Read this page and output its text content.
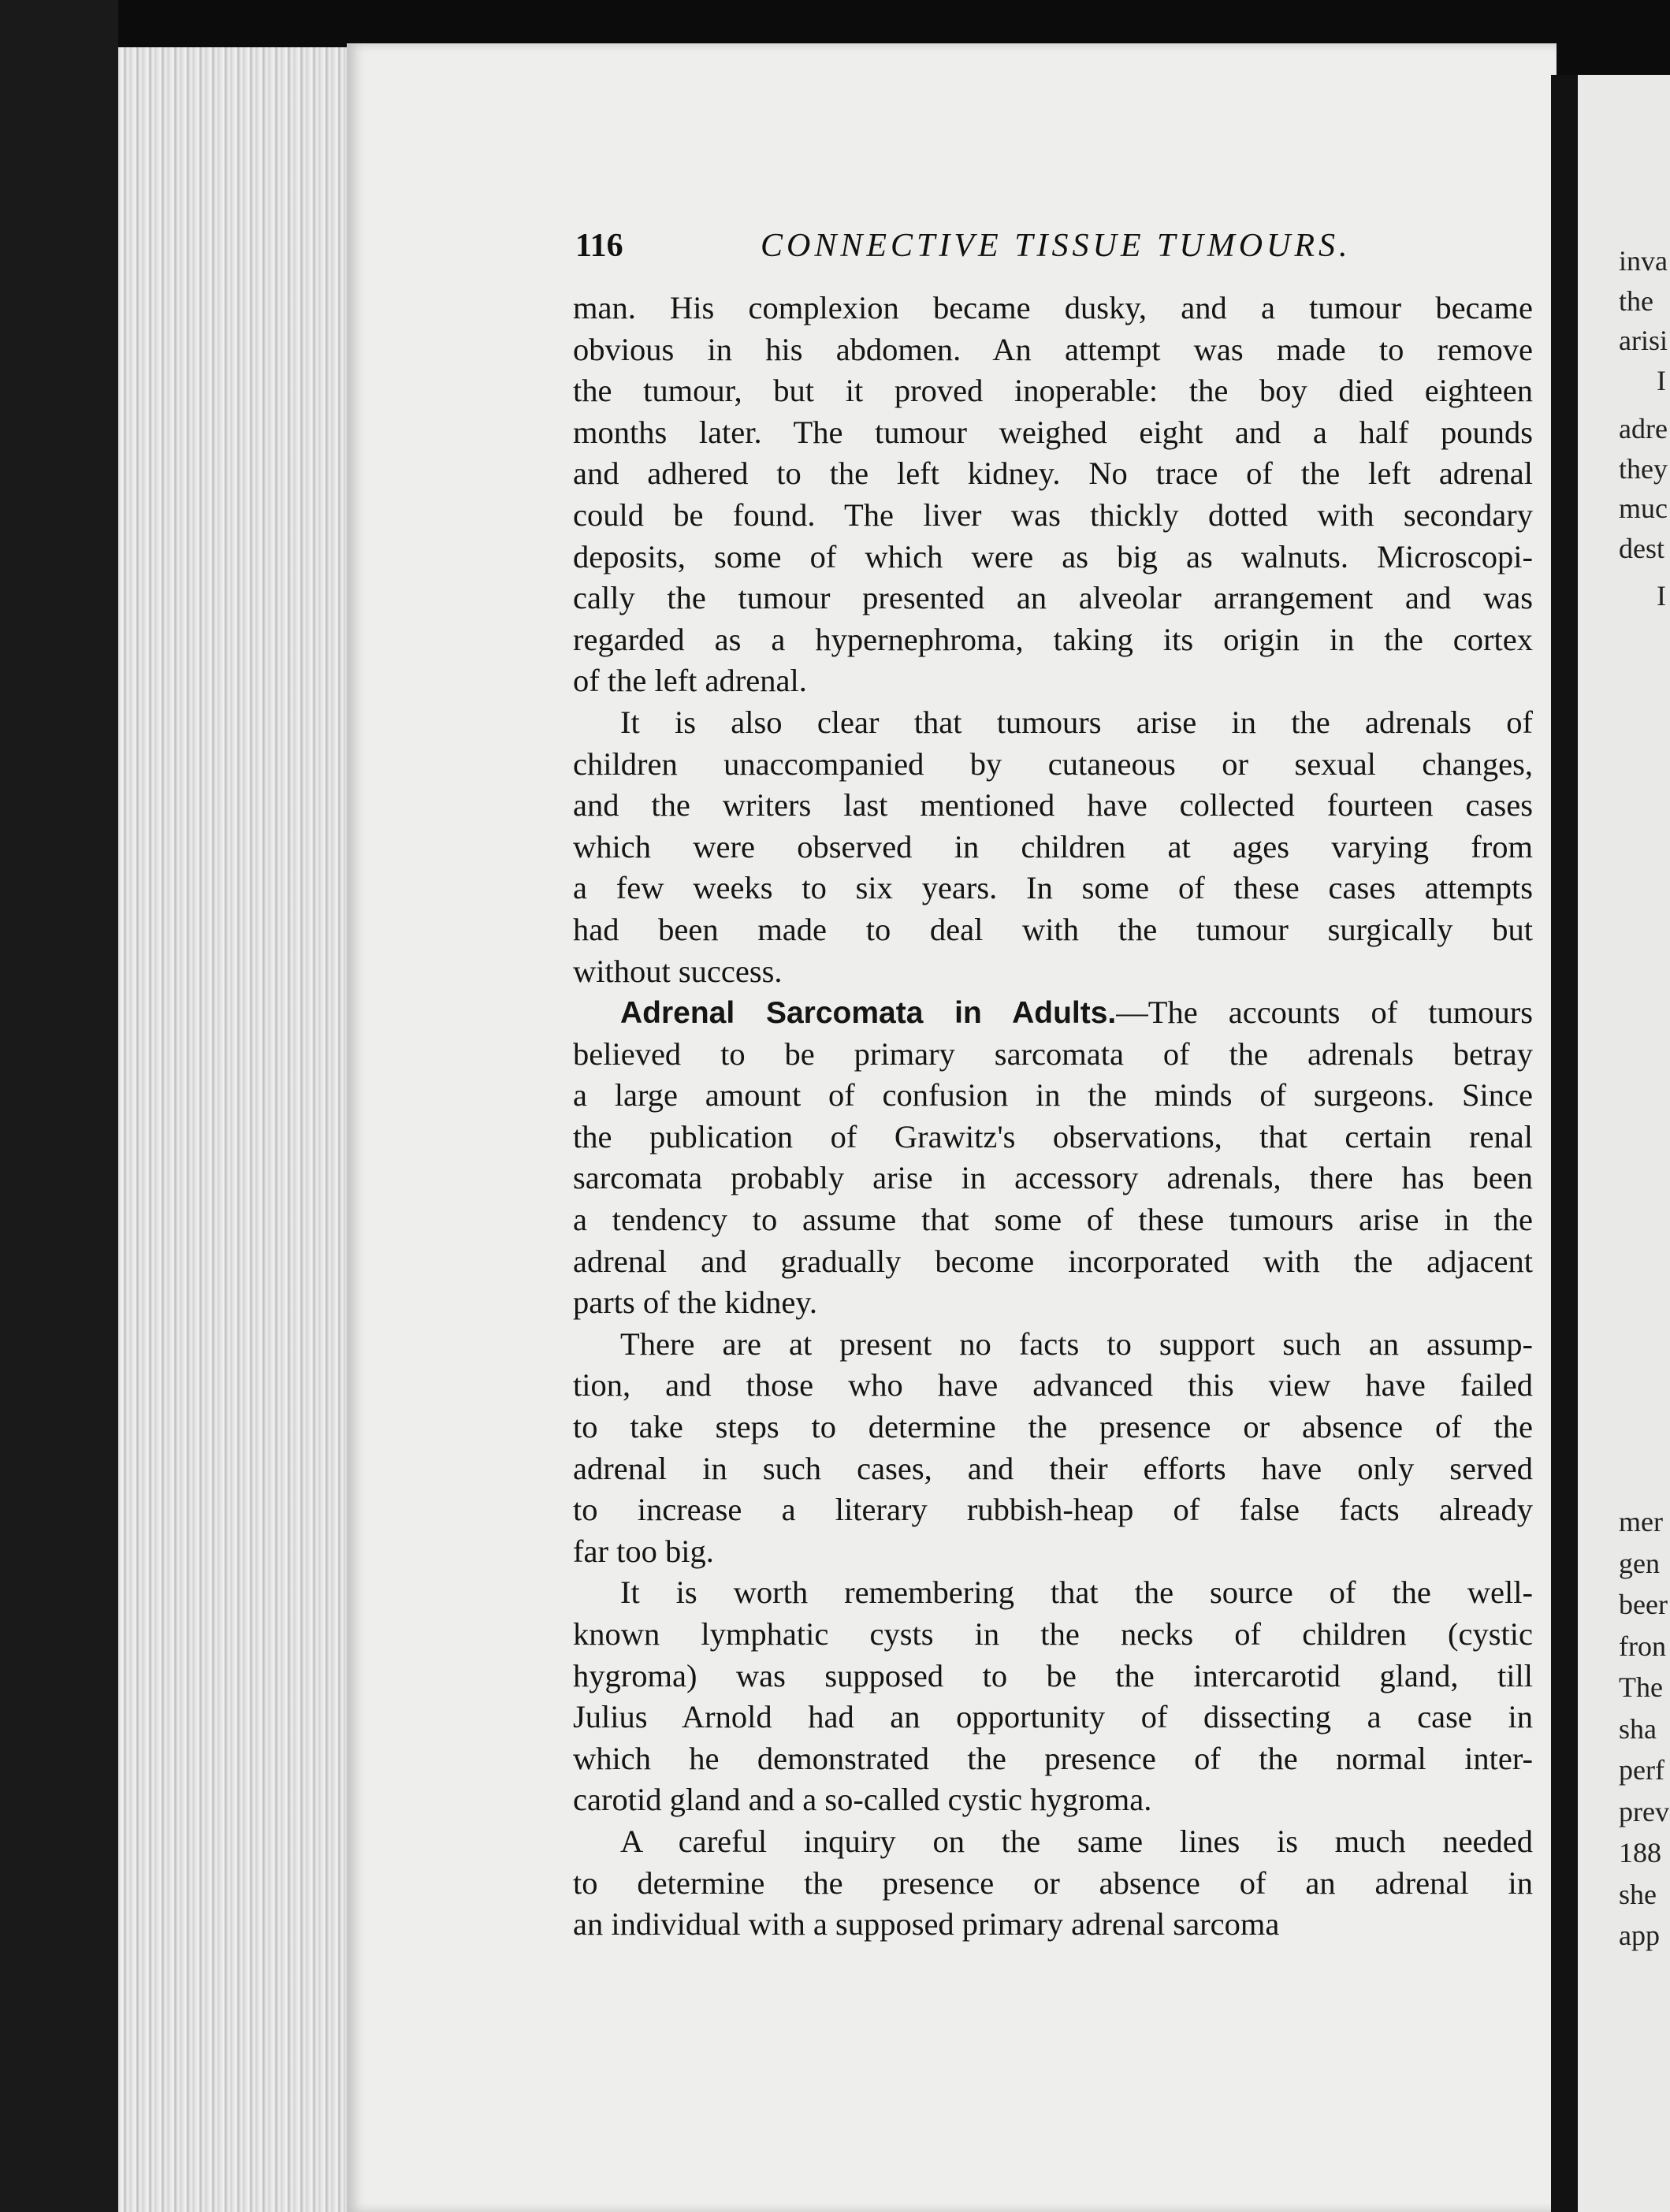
116	CONNECTIVE TISSUE TUMOURS.
man. His complexion became dusky, and a tumour became
obvious in his abdomen. An attempt was made to remove
the tumour, but it proved inoperable: the boy died eighteen
months later. The tumour weighed eight and a half pounds
and adhered to the left kidney. No trace of the left adrenal
could be found. The liver was thickly dotted with secondary
deposits, some of which were as big as walnuts. Microscopi-
cally the tumour presented an alveolar arrangement and was
regarded as a hypernephroma, taking its origin in the cortex
of the left adrenal.
It is also clear that tumours arise in the adrenals of
children unaccompanied by cutaneous or sexual changes,
and the writers last mentioned have collected fourteen cases
which were observed in children at ages varying from
a few weeks to six years. In some of these cases attempts
had been made to deal with the tumour surgically but
without success.
Adrenal Sarcomata in Adults.—The accounts of tumours
believed to be primary sarcomata of the adrenals betray
a large amount of confusion in the minds of surgeons. Since
the publication of Grawitz's observations, that certain renal
sarcomata probably arise in accessory adrenals, there has been
a tendency to assume that some of these tumours arise in the
adrenal and gradually become incorporated with the adjacent
parts of the kidney.
There are at present no facts to support such an assump-
tion, and those who have advanced this view have failed
to take steps to determine the presence or absence of the
adrenal in such cases, and their efforts have only served
to increase a literary rubbish-heap of false facts already
far too big.
It is worth remembering that the source of the well-
known lymphatic cysts in the necks of children (cystic
hygroma) was supposed to be the intercarotid gland, till
Julius Arnold had an opportunity of dissecting a case in
which he demonstrated the presence of the normal inter-
carotid gland and a so-called cystic hygroma.
A careful inquiry on the same lines is much needed
to determine the presence or absence of an adrenal in
an individual with a supposed primary adrenal sarcoma
inva
the
arisi
I
adre
they
muc
dest
I
mer
gen
beer
fron
The
sha
perf
prev
188
she
app
